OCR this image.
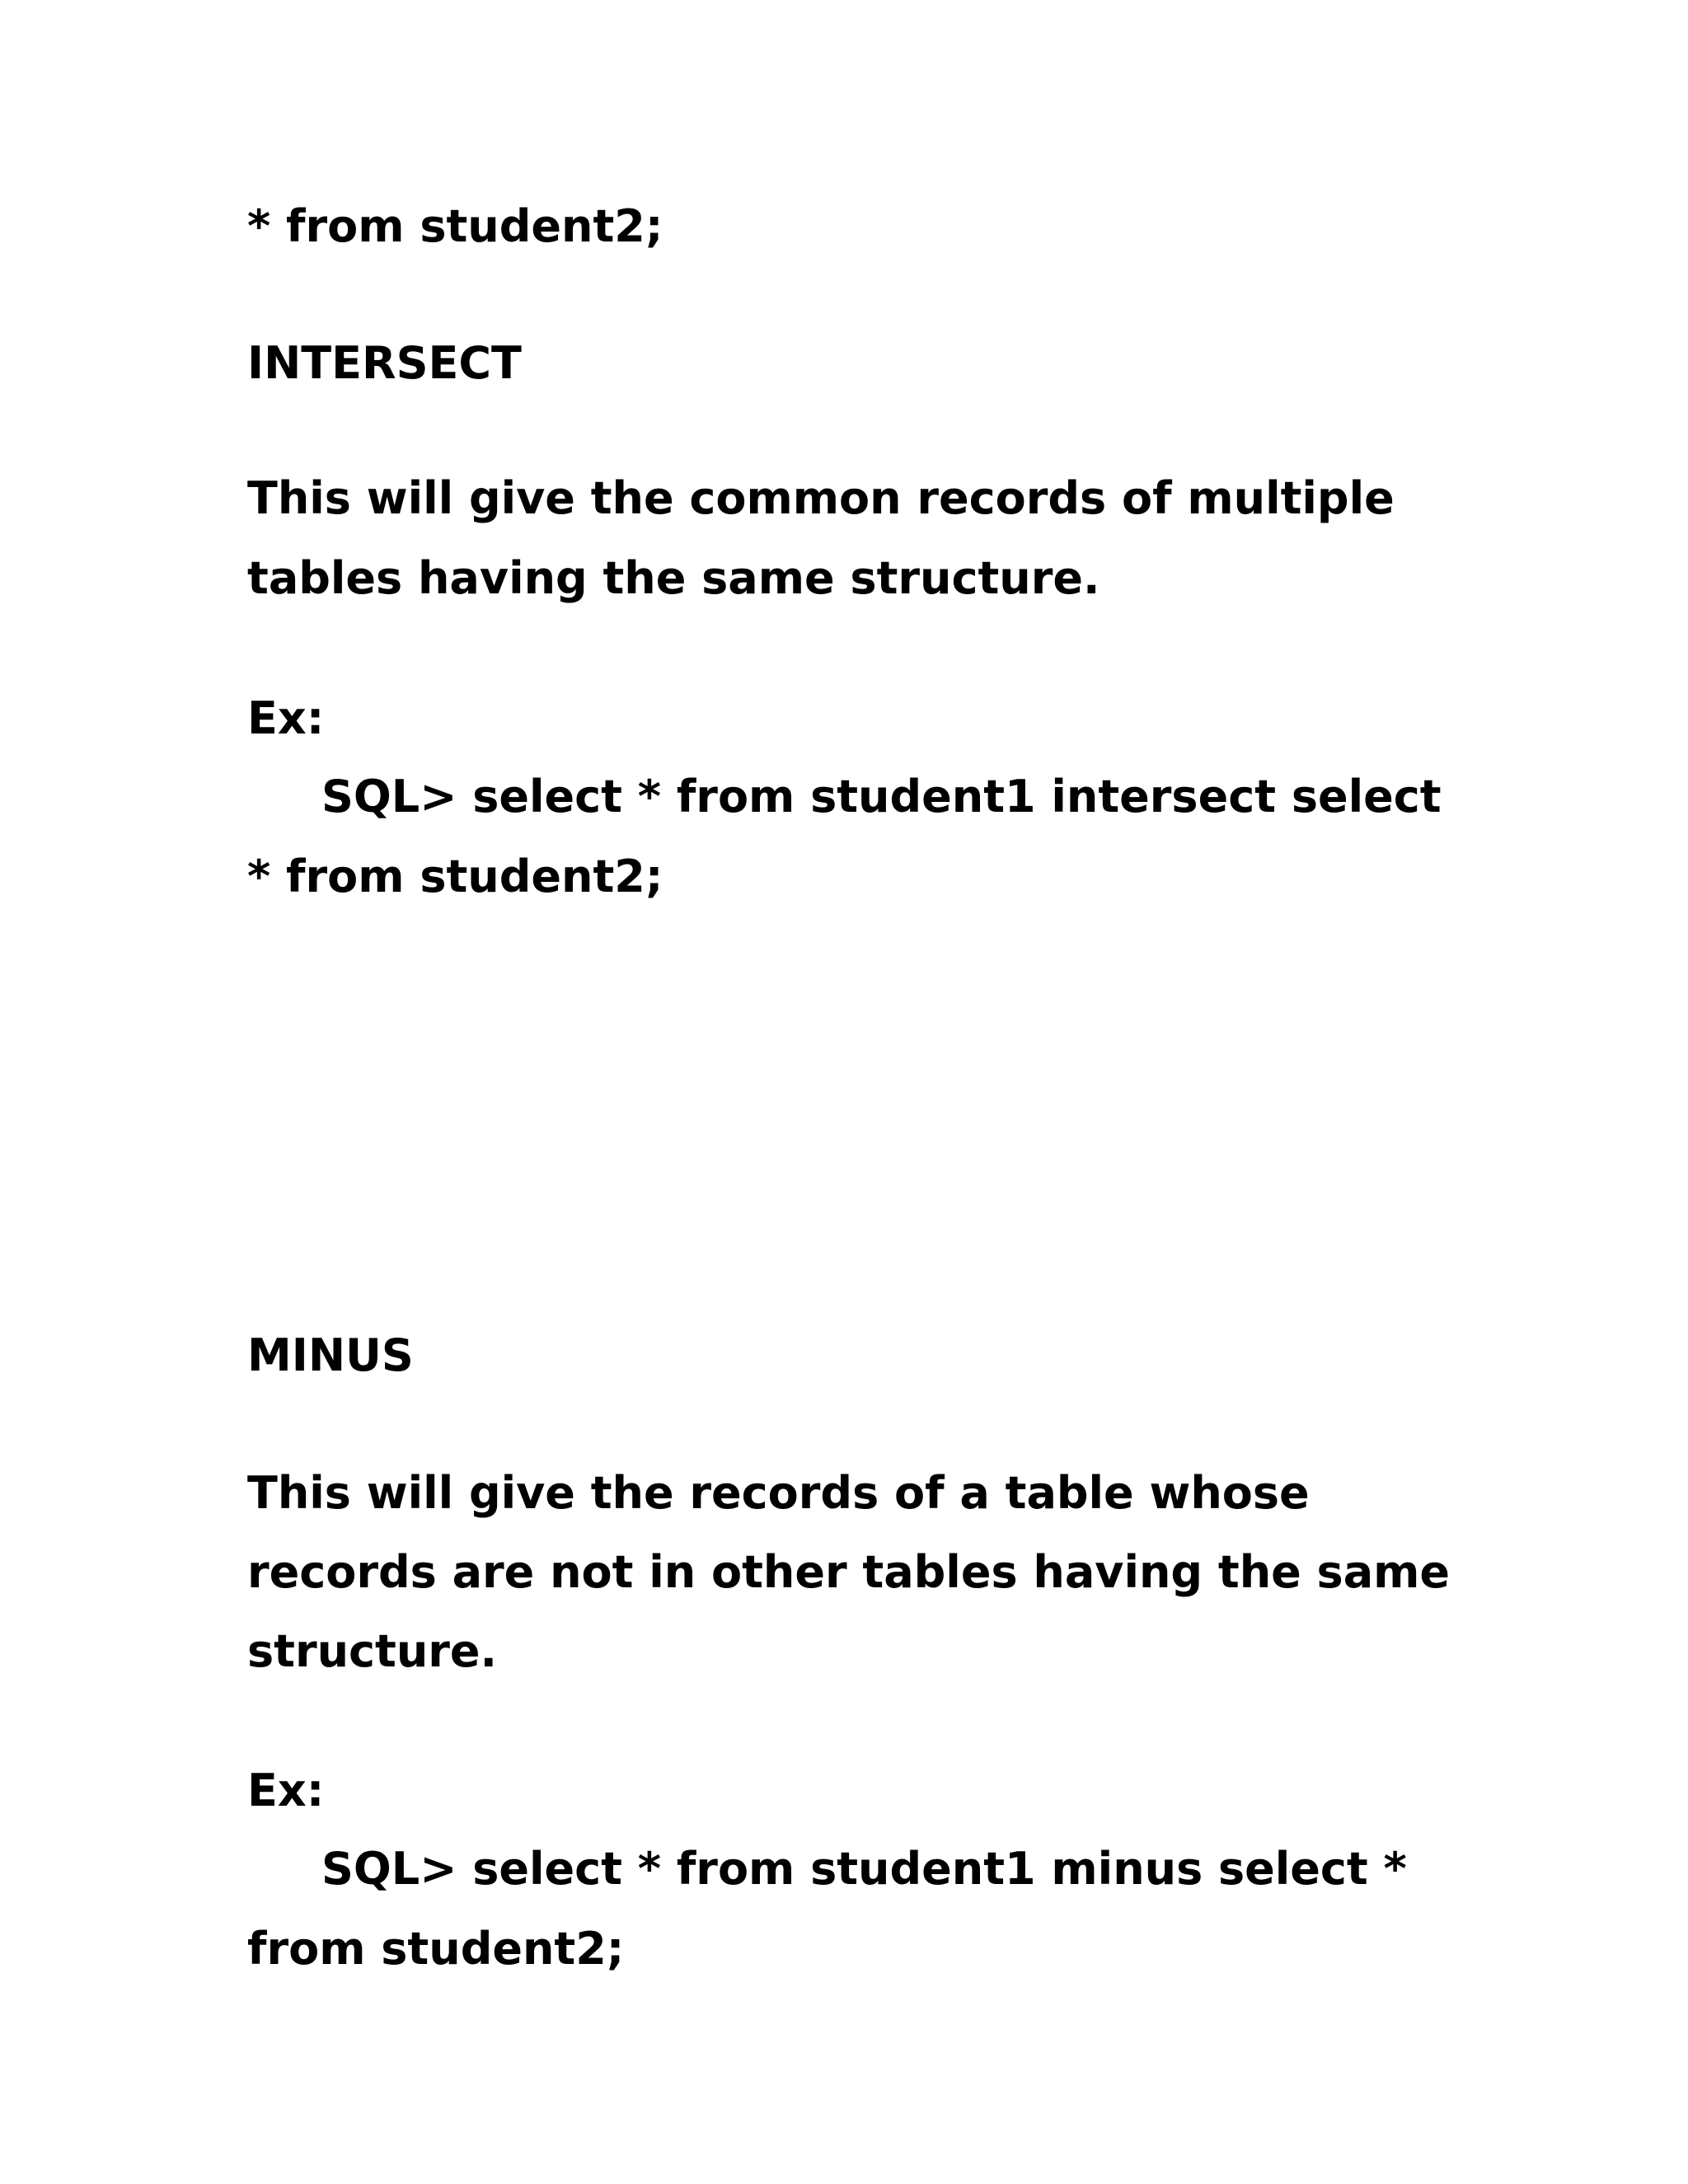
* from student2;
INTERSECT
This will give the common records of multiple
tables having the same structure.
Ex:
SQL> select * from student1 intersect select
* from student2;
MINUS
This will give the records of a table whose
records are not in other tables having the same
structure.
Ex:
SQL> select * from student1 minus select *
from student2;
